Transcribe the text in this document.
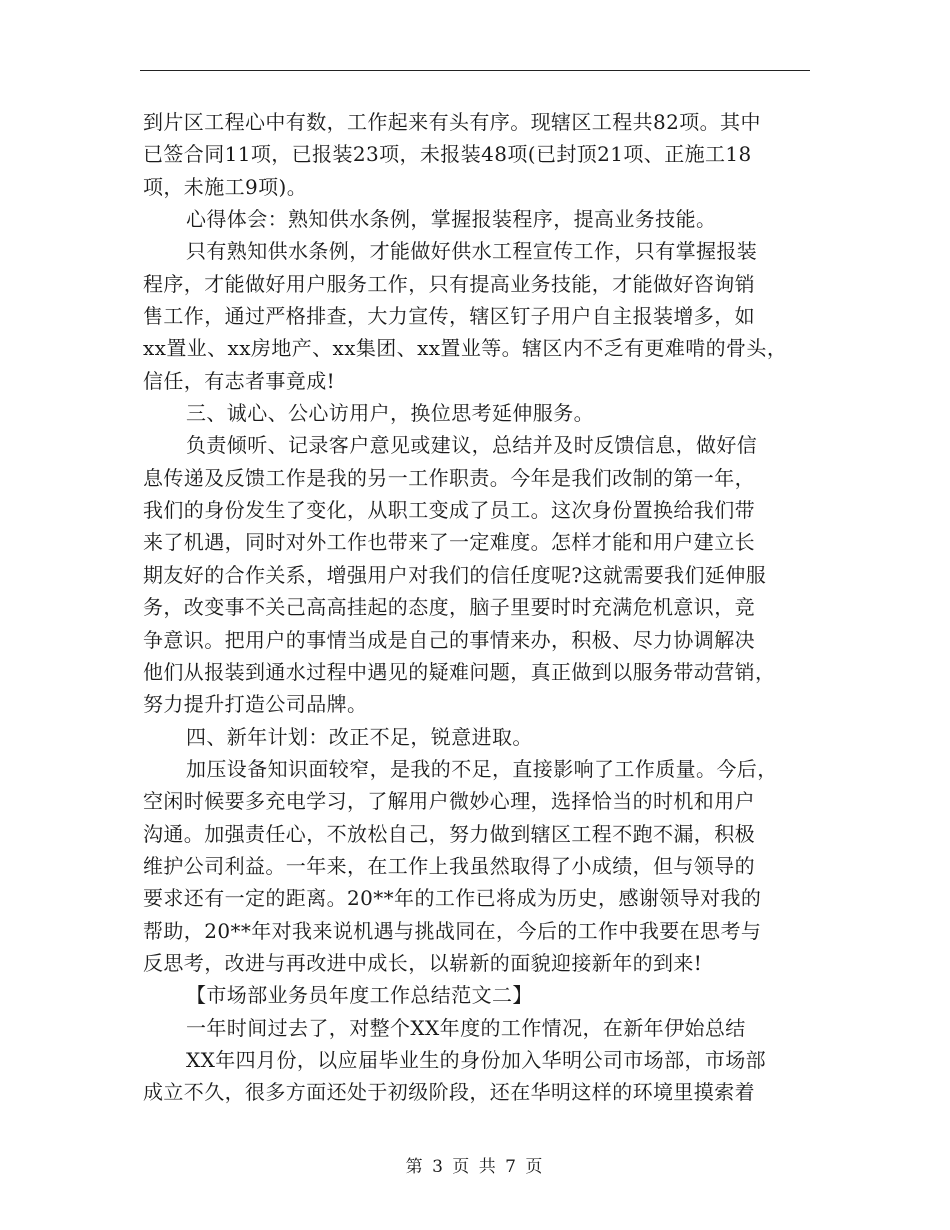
到片区工程心中有数，工作起来有头有序。现辖区工程共82项。其中
已签合同11项，已报装23项，未报装48项(已封顶21项、正施工18
项，未施工9项)。
心得体会：熟知供水条例，掌握报装程序，提高业务技能。
只有熟知供水条例，才能做好供水工程宣传工作，只有掌握报装
程序，才能做好用户服务工作，只有提高业务技能，才能做好咨询销
售工作，通过严格排查，大力宣传，辖区钉子用户自主报装增多，如
xx置业、xx房地产、xx集团、xx置业等。辖区内不乏有更难啃的骨头，
信任，有志者事竟成!
三、诚心、公心访用户，换位思考延伸服务。
负责倾听、记录客户意见或建议，总结并及时反馈信息，做好信
息传递及反馈工作是我的另一工作职责。今年是我们改制的第一年，
我们的身份发生了变化，从职工变成了员工。这次身份置换给我们带
来了机遇，同时对外工作也带来了一定难度。怎样才能和用户建立长
期友好的合作关系，增强用户对我们的信任度呢?这就需要我们延伸服
务，改变事不关己高高挂起的态度，脑子里要时时充满危机意识，竞
争意识。把用户的事情当成是自己的事情来办，积极、尽力协调解决
他们从报装到通水过程中遇见的疑难问题，真正做到以服务带动营销，
努力提升打造公司品牌。
四、新年计划：改正不足，锐意进取。
加压设备知识面较窄，是我的不足，直接影响了工作质量。今后，
空闲时候要多充电学习，了解用户微妙心理，选择恰当的时机和用户
沟通。加强责任心，不放松自己，努力做到辖区工程不跑不漏，积极
维护公司利益。一年来，在工作上我虽然取得了小成绩，但与领导的
要求还有一定的距离。20**年的工作已将成为历史，感谢领导对我的
帮助，20**年对我来说机遇与挑战同在，今后的工作中我要在思考与
反思考，改进与再改进中成长，以崭新的面貌迎接新年的到来!
【市场部业务员年度工作总结范文二】
一年时间过去了，对整个XX年度的工作情况，在新年伊始总结
XX年四月份，以应届毕业生的身份加入华明公司市场部，市场部
成立不久，很多方面还处于初级阶段，还在华明这样的环境里摸索着
第 3 页 共 7 页
